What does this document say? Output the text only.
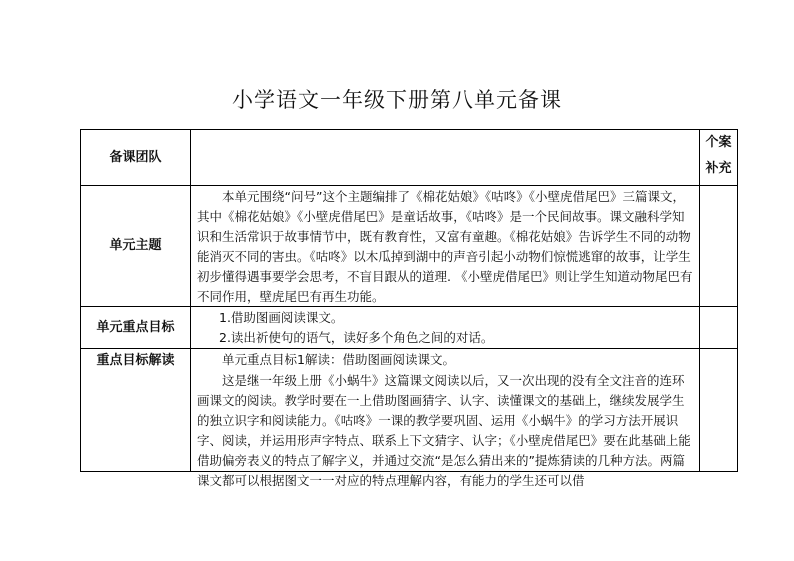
小学语文一年级下册第八单元备课
备课团队		个案
补充

单元主题	本单元围绕“问号”这个主题编排了《棉花姑娘》《咕咚》《小壁虎借尾巴》三篇课文，其中《棉花姑娘》《小壁虎借尾巴》是童话故事，《咕咚》是一个民间故事。课文融科学知识和生活常识于故事情节中，既有教育性，又富有童趣。《棉花姑娘》告诉学生不同的动物能消灭不同的害虫。《咕咚》以木瓜掉到湖中的声音引起小动物们惊慌逃窜的故事，让学生初步懂得遇事要学会思考，不盲目跟从的道理. 《小壁虎借尾巴》则让学生知道动物尾巴有不同作用，壁虎尾巴有再生功能。	

单元重点目标	1.借助图画阅读课文。
2.读出祈使句的语气，读好多个角色之间的对话。	

重点目标解读	单元重点目标1解读：借助图画阅读课文。
这是继一年级上册《小蜗牛》这篇课文阅读以后，又一次出现的没有全文注音的连环画课文的阅读。教学时要在一上借助图画猜字、认字、读懂课文的基础上，继续发展学生的独立识字和阅读能力。《咕咚》一课的教学要巩固、运用《小蜗牛》的学习方法开展识字、阅读，并运用形声字特点、联系上下文猜字、认字；《小壁虎借尾巴》要在此基础上能借助偏旁表义的特点了解字义，并通过交流“是怎么猜出来的”提炼猜读的几种方法。两篇课文都可以根据图文一一对应的特点理解内容，有能力的学生还可以借	
